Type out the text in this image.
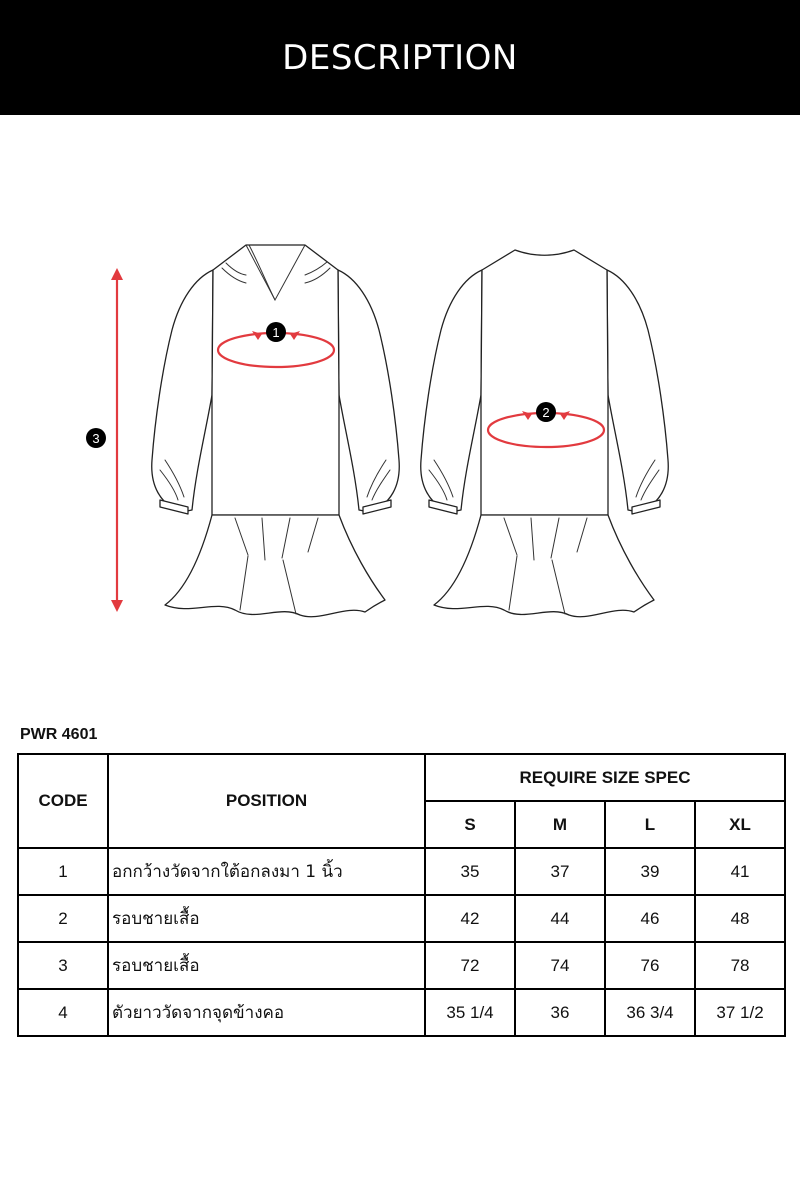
DESCRIPTION
1
2
3
PWR 4601
CODE	POSITION	REQUIRE SIZE SPEC			
		S	M	L	XL
1	อกกว้างวัดจากใต้อกลงมา 1 นิ้ว	35	37	39	41
2	รอบชายเสื้อ	42	44	46	48
3	รอบชายเสื้อ	72	74	76	78
4	ตัวยาววัดจากจุดข้างคอ	35 1/4	36	36 3/4	37 1/2
